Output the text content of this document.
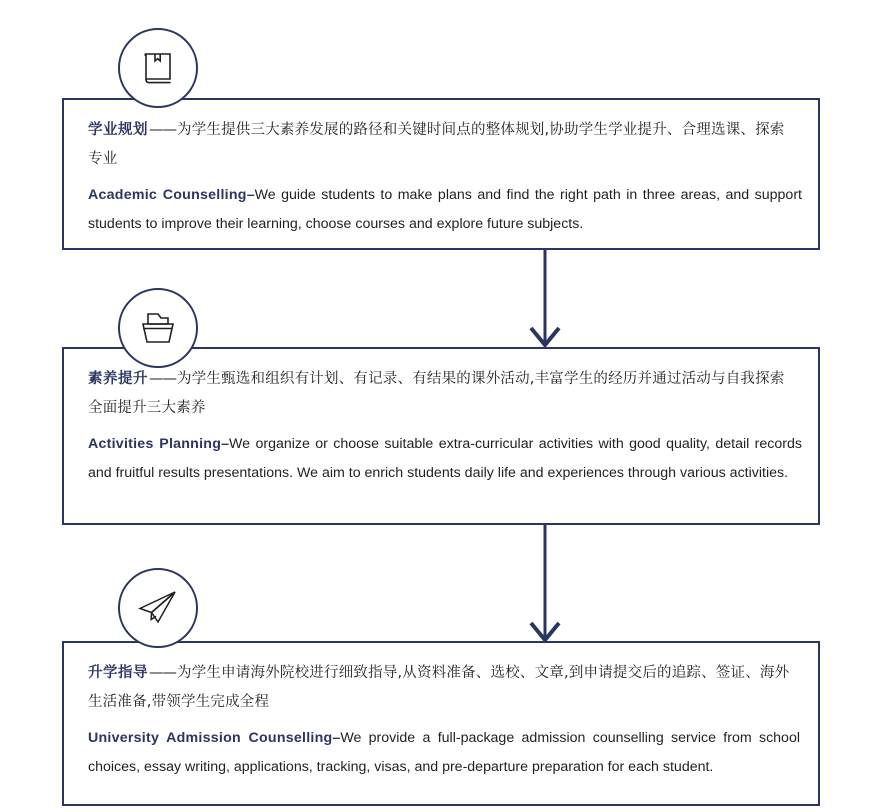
学业规划——为学生提供三大素养发展的路径和关键时间点的整体规划,协助学生学业提升、合理选课、探索专业

Academic Counselling–We guide students to make plans and find the right path in three areas, and support students to improve their learning, choose courses and explore future subjects.

素养提升——为学生甄选和组织有计划、有记录、有结果的课外活动,丰富学生的经历并通过活动与自我探索全面提升三大素养

Activities Planning–We organize or choose suitable extra-curricular activities with good quality, detail records and fruitful results presentations. We aim to enrich students daily life and experiences through various activities.

升学指导——为学生申请海外院校进行细致指导,从资料准备、选校、文章,到申请提交后的追踪、签证、海外生活准备,带领学生完成全程

University Admission Counselling–We provide a full-package admission counselling service from school choices, essay writing, applications, tracking, visas, and pre-departure preparation for each student.
